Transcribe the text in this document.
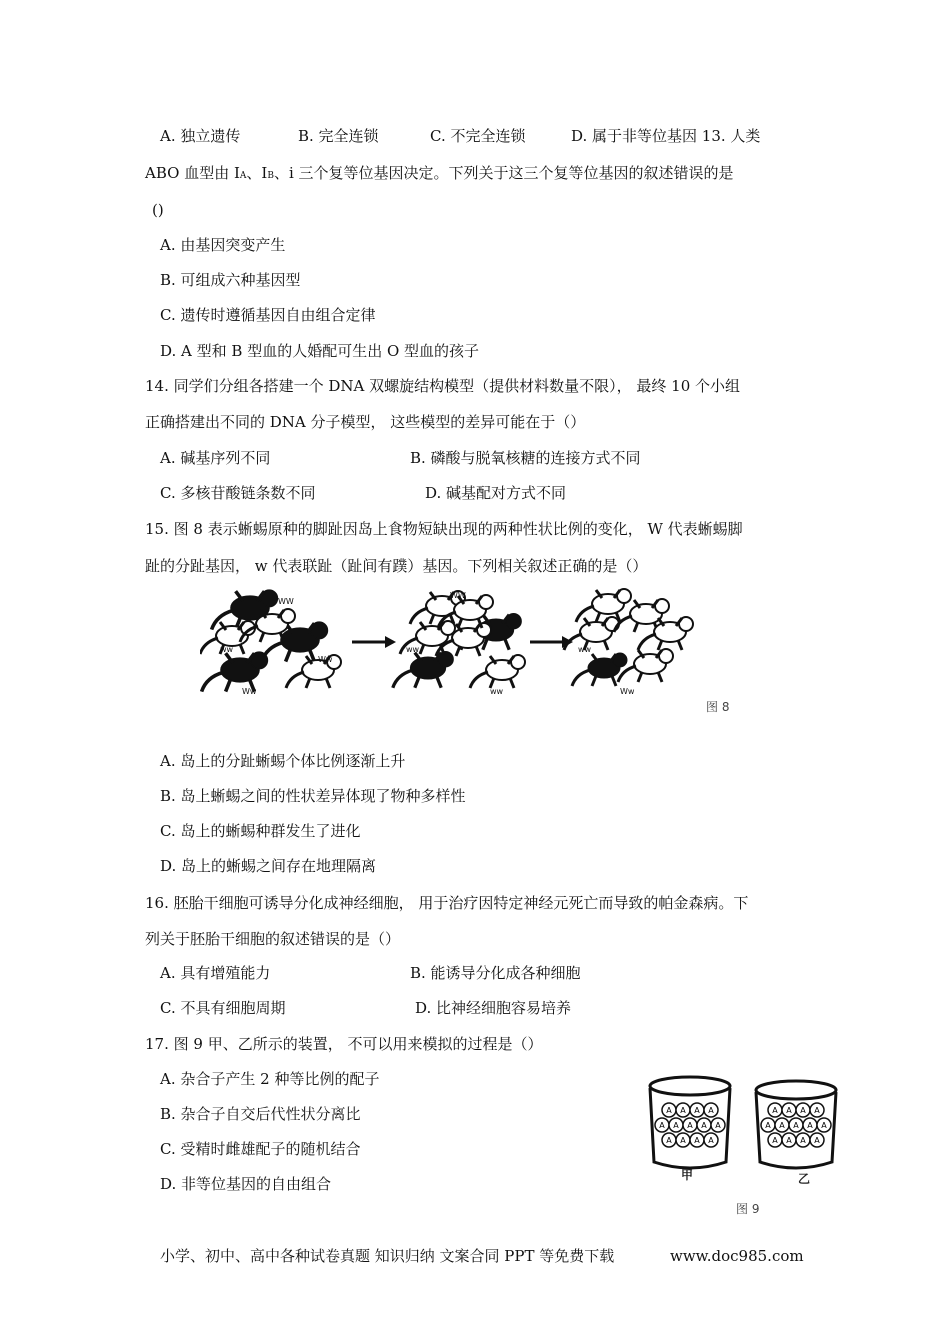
A. 独立遗传	B. 完全连锁	C. 不完全连锁	D. 属于非等位基因 13. 人类
ABO 血型由 IA、IB、i 三个复等位基因决定。下列关于这三个复等位基因的叙述错误的是
()
A. 由基因突变产生
B. 可组成六种基因型
C. 遗传时遵循基因自由组合定律
D. A 型和 B 型血的人婚配可生出 O 型血的孩子
14. 同学们分组各搭建一个 DNA 双螺旋结构模型（提供材料数量不限）， 最终 10 个小组
正确搭建出不同的 DNA 分子模型， 这些模型的差异可能在于（）
A. 碱基序列不同	B. 磷酸与脱氧核糖的连接方式不同
C. 多核苷酸链条数不同	D. 碱基配对方式不同
15. 图 8 表示蜥蜴原种的脚趾因岛上食物短缺出现的两种性状比例的变化， W 代表蜥蜴脚
趾的分趾基因， w 代表联趾（趾间有蹼）基因。下列相关叙述正确的是（）
WW
Ww
Ww
ww
WW
ww
ww	Ww
ww
图 8
A. 岛上的分趾蜥蜴个体比例逐渐上升
B. 岛上蜥蜴之间的性状差异体现了物种多样性
C. 岛上的蜥蜴种群发生了进化
D. 岛上的蜥蜴之间存在地理隔离
16. 胚胎干细胞可诱导分化成神经细胞， 用于治疗因特定神经元死亡而导致的帕金森病。下
列关于胚胎干细胞的叙述错误的是（）
A. 具有增殖能力	B. 能诱导分化成各种细胞
C. 不具有细胞周期	D. 比神经细胞容易培养
17. 图 9 甲、乙所示的装置， 不可以用来模拟的过程是（）
A. 杂合子产生 2 种等比例的配子
B. 杂合子自交后代性状分离比
C. 受精时雌雄配子的随机结合
D. 非等位基因的自由组合
A A A A
A A A A A
A A A A
A A A A
A A A A A
A A A A
甲	乙
图 9
小学、初中、高中各种试卷真题 知识归纳 文案合同 PPT 等免费下载	www.doc985.com
